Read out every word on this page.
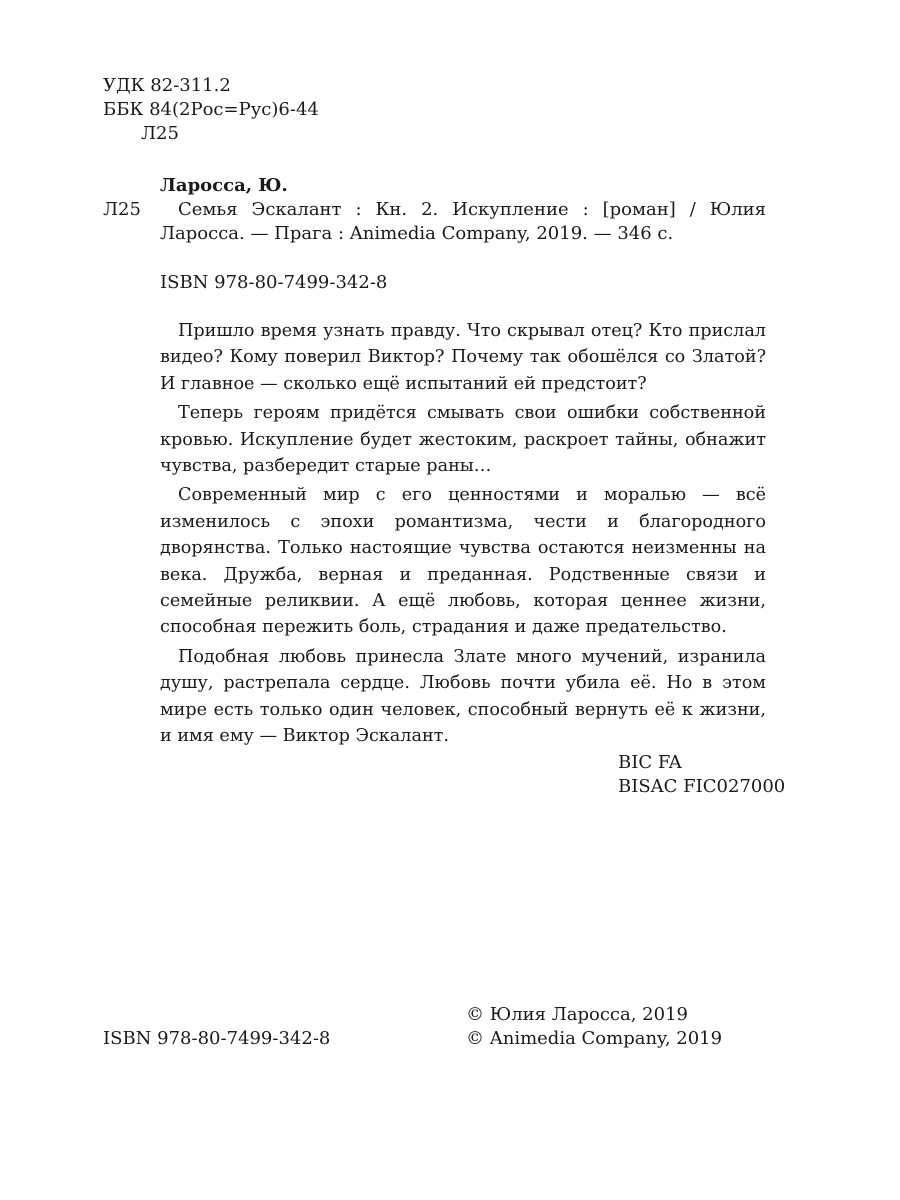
УДК 82-311.2
ББК 84(2Рос=Рус)6-44
Л25
Ларосса, Ю.
Л25 Семья Эскалант : Кн. 2. Искупление : [роман] / Юлия
Ларосса. — Прага : Animedia Company, 2019. — 346 с.
ISBN 978-80-7499-342-8

Пришло время узнать правду. Что скрывал отец? Кто прислал видео? Кому поверил Виктор? Почему так обошёлся со Златой? И главное — сколько ещё испытаний ей предстоит?

Теперь героям придётся смывать свои ошибки собственной кровью. Искупление будет жестоким, раскроет тайны, обнажит чувства, разбередит старые раны…

Современный мир с его ценностями и моралью — всё изменилось с эпохи романтизма, чести и благородного дворянства. Только настоящие чувства остаются неизменны на века. Дружба, верная и преданная. Родственные связи и семейные реликвии. А ещё любовь, которая ценнее жизни, способная пережить боль, страдания и даже предательство.

Подобная любовь принесла Злате много мучений, изранила душу, растрепала сердце. Любовь почти убила её. Но в этом мире есть только один человек, способный вернуть её к жизни, и имя ему — Виктор Эскалант.

BIC FA
BISAC FIC027000
© Юлия Ларосса, 2019
ISBN 978-80-7499-342-8	© Animedia Company, 2019
